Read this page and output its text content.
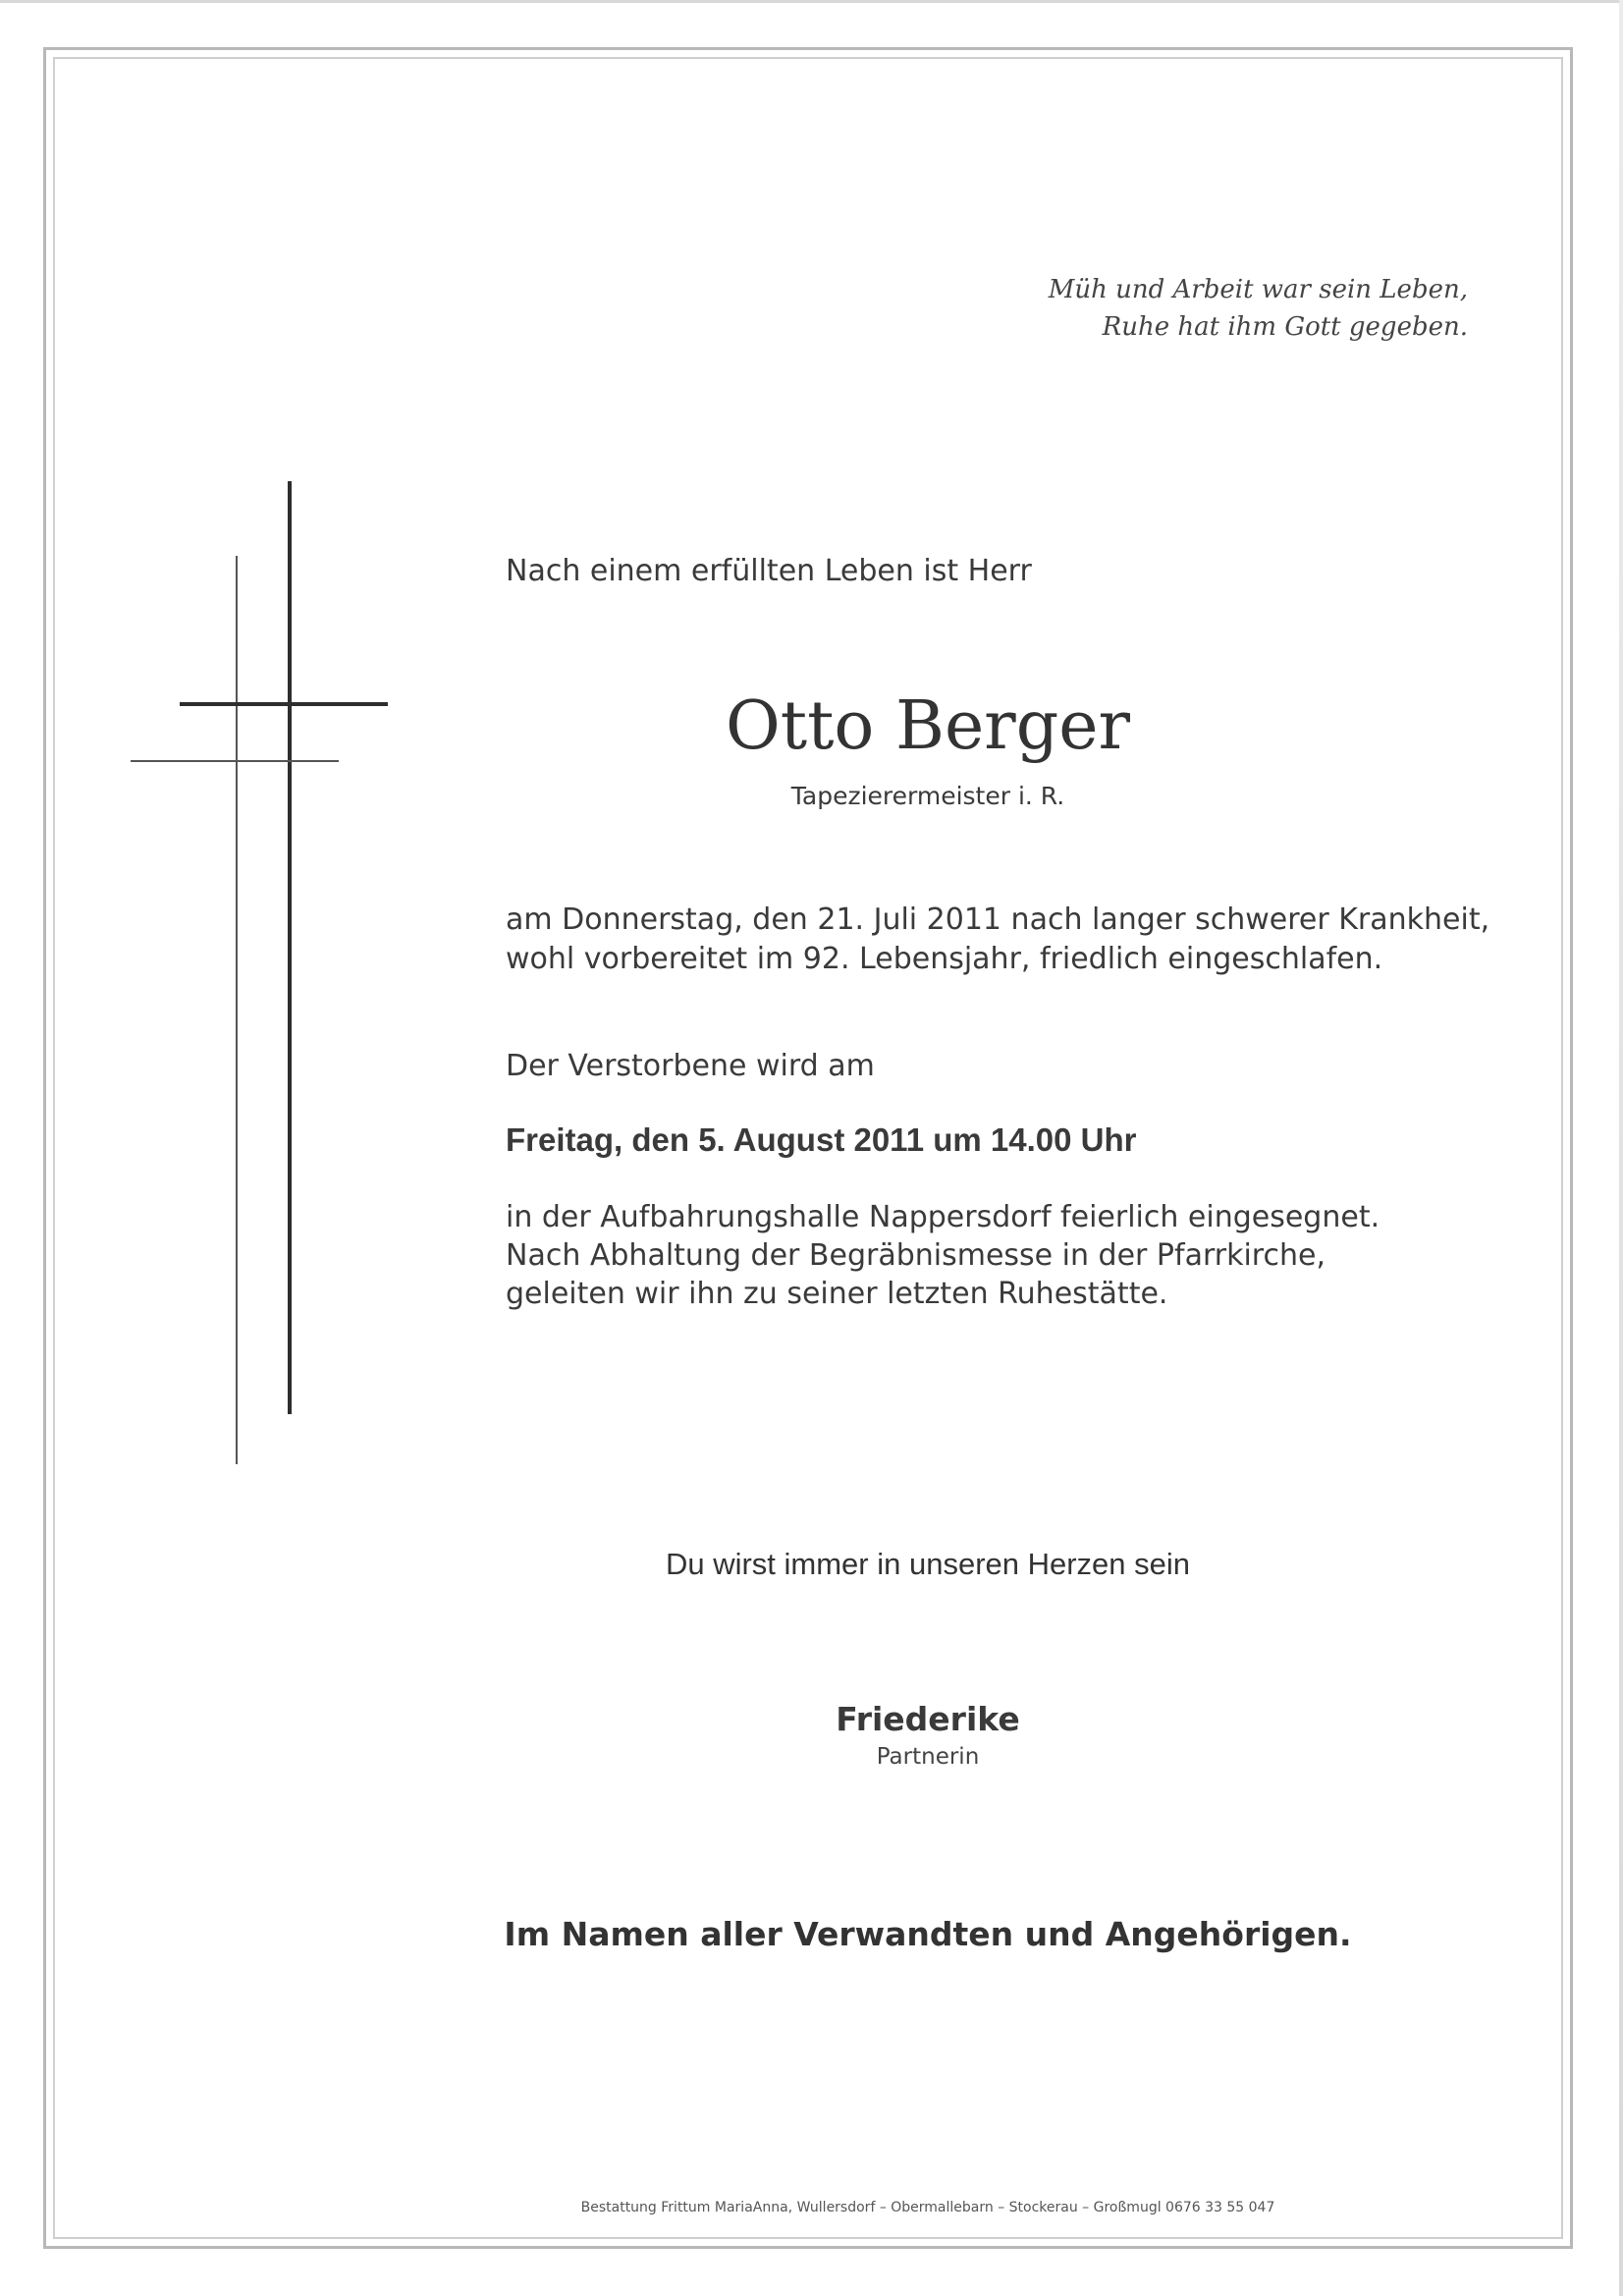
Müh und Arbeit war sein Leben,
Ruhe hat ihm Gott gegeben.
Nach einem erfüllten Leben ist Herr
Otto Berger
Tapezierermeister i. R.
am Donnerstag, den 21. Juli 2011 nach langer schwerer Krankheit,
wohl vorbereitet im 92. Lebensjahr, friedlich eingeschlafen.
Der Verstorbene wird am
Freitag, den 5. August 2011 um 14.00 Uhr
in der Aufbahrungshalle Nappersdorf feierlich eingesegnet.
Nach Abhaltung der Begräbnismesse in der Pfarrkirche,
geleiten wir ihn zu seiner letzten Ruhestätte.
Du wirst immer in unseren Herzen sein
Friederike
Partnerin
Im Namen aller Verwandten und Angehörigen.
Bestattung Frittum MariaAnna, Wullersdorf – Obermallebarn – Stockerau – Großmugl 0676 33 55 047
